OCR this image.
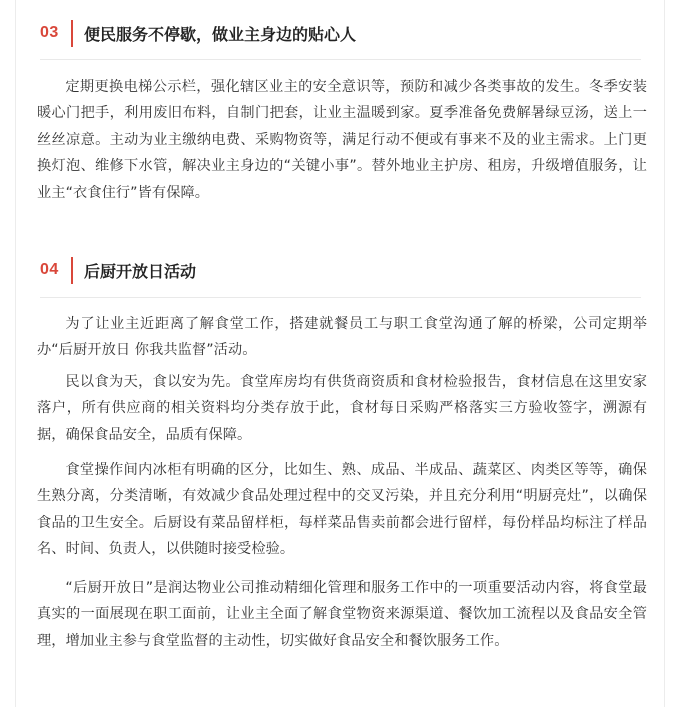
03	便民服务不停歇，做业主身边的贴心人

定期更换电梯公示栏，强化辖区业主的安全意识等，预防和减少各类事故的发生。冬季安装暖心门把手，利用废旧布料，自制门把套，让业主温暖到家。夏季准备免费解暑绿豆汤，送上一丝丝凉意。主动为业主缴纳电费、采购物资等，满足行动不便或有事来不及的业主需求。上门更换灯泡、维修下水管，解决业主身边的“关键小事”。替外地业主护房、租房，升级增值服务，让业主“衣食住行”皆有保障。

04	后厨开放日活动

为了让业主近距离了解食堂工作，搭建就餐员工与职工食堂沟通了解的桥梁，公司定期举办“后厨开放日 你我共监督”活动。

民以食为天，食以安为先。食堂库房均有供货商资质和食材检验报告，食材信息在这里安家落户，所有供应商的相关资料均分类存放于此，食材每日采购严格落实三方验收签字，溯源有据，确保食品安全，品质有保障。

食堂操作间内冰柜有明确的区分，比如生、熟、成品、半成品、蔬菜区、肉类区等等，确保生熟分离，分类清晰，有效减少食品处理过程中的交叉污染，并且充分利用“明厨亮灶”，以确保食品的卫生安全。后厨设有菜品留样柜，每样菜品售卖前都会进行留样，每份样品均标注了样品名、时间、负责人，以供随时接受检验。

“后厨开放日”是润达物业公司推动精细化管理和服务工作中的一项重要活动内容，将食堂最真实的一面展现在职工面前，让业主全面了解食堂物资来源渠道、餐饮加工流程以及食品安全管理，增加业主参与食堂监督的主动性，切实做好食品安全和餐饮服务工作。
